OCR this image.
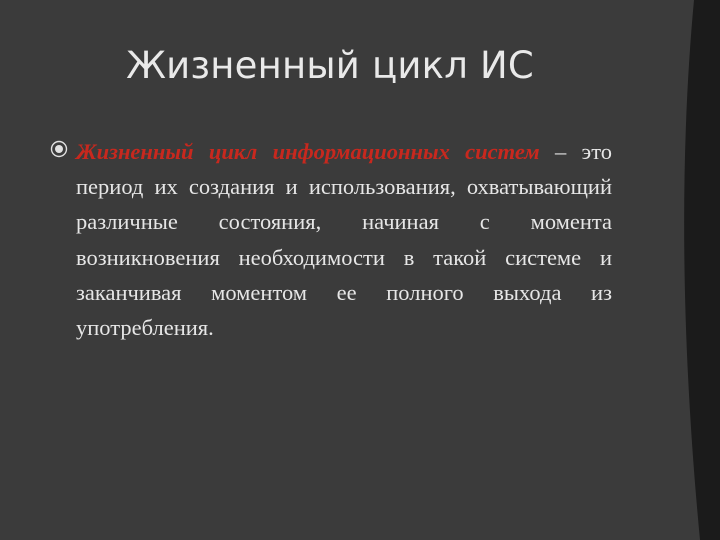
Жизненный цикл ИС

Жизненный цикл информационных систем – это период их создания и использования, охватывающий различные состояния, начиная с момента возникновения необходимости в такой системе и заканчивая моментом ее полного выхода из употребления.
